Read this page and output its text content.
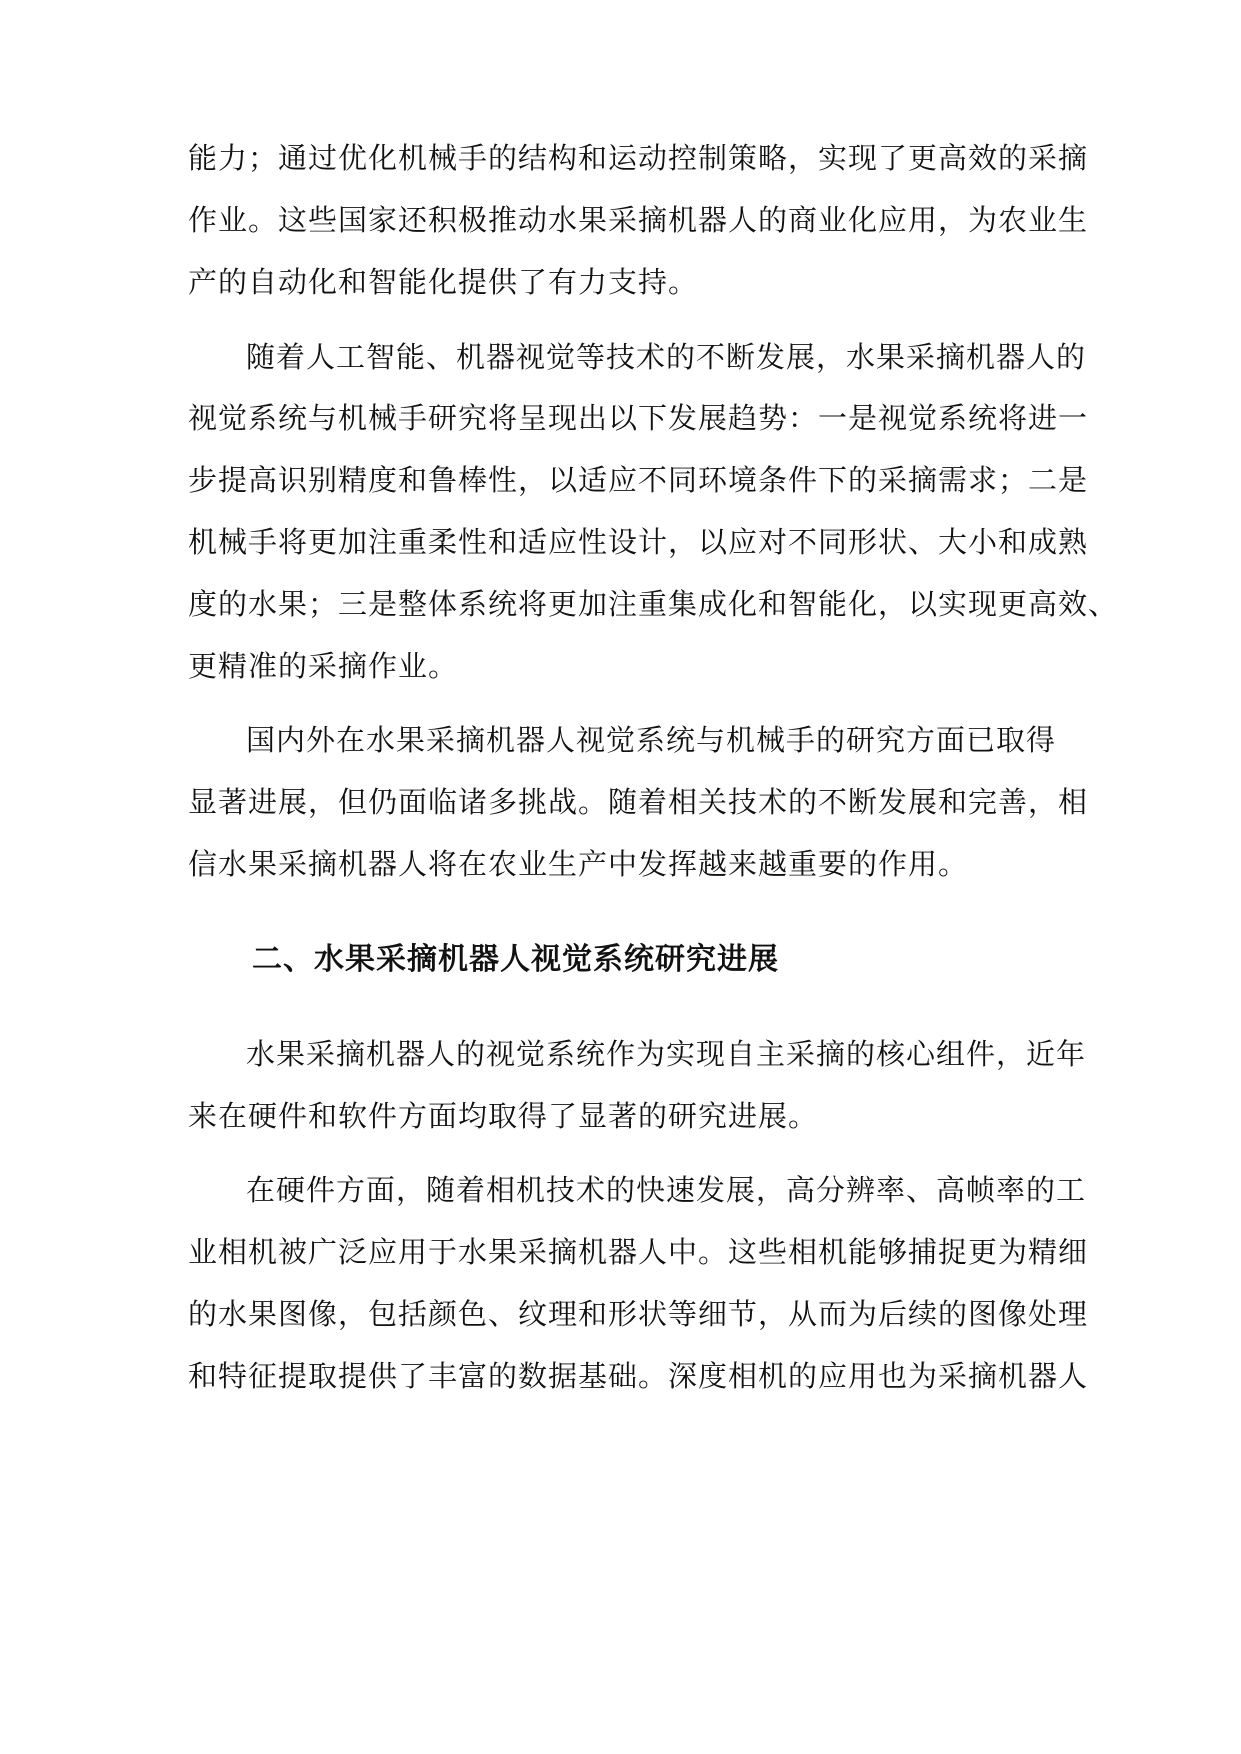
能力；通过优化机械手的结构和运动控制策略，实现了更高效的采摘
作业。这些国家还积极推动水果采摘机器人的商业化应用，为农业生
产的自动化和智能化提供了有力支持。
随着人工智能、机器视觉等技术的不断发展，水果采摘机器人的
视觉系统与机械手研究将呈现出以下发展趋势：一是视觉系统将进一
步提高识别精度和鲁棒性，以适应不同环境条件下的采摘需求；二是
机械手将更加注重柔性和适应性设计，以应对不同形状、大小和成熟
度的水果；三是整体系统将更加注重集成化和智能化，以实现更高效、
更精准的采摘作业。
国内外在水果采摘机器人视觉系统与机械手的研究方面已取得
显著进展，但仍面临诸多挑战。随着相关技术的不断发展和完善，相
信水果采摘机器人将在农业生产中发挥越来越重要的作用。
二、水果采摘机器人视觉系统研究进展
水果采摘机器人的视觉系统作为实现自主采摘的核心组件，近年
来在硬件和软件方面均取得了显著的研究进展。
在硬件方面，随着相机技术的快速发展，高分辨率、高帧率的工
业相机被广泛应用于水果采摘机器人中。这些相机能够捕捉更为精细
的水果图像，包括颜色、纹理和形状等细节，从而为后续的图像处理
和特征提取提供了丰富的数据基础。深度相机的应用也为采摘机器人
